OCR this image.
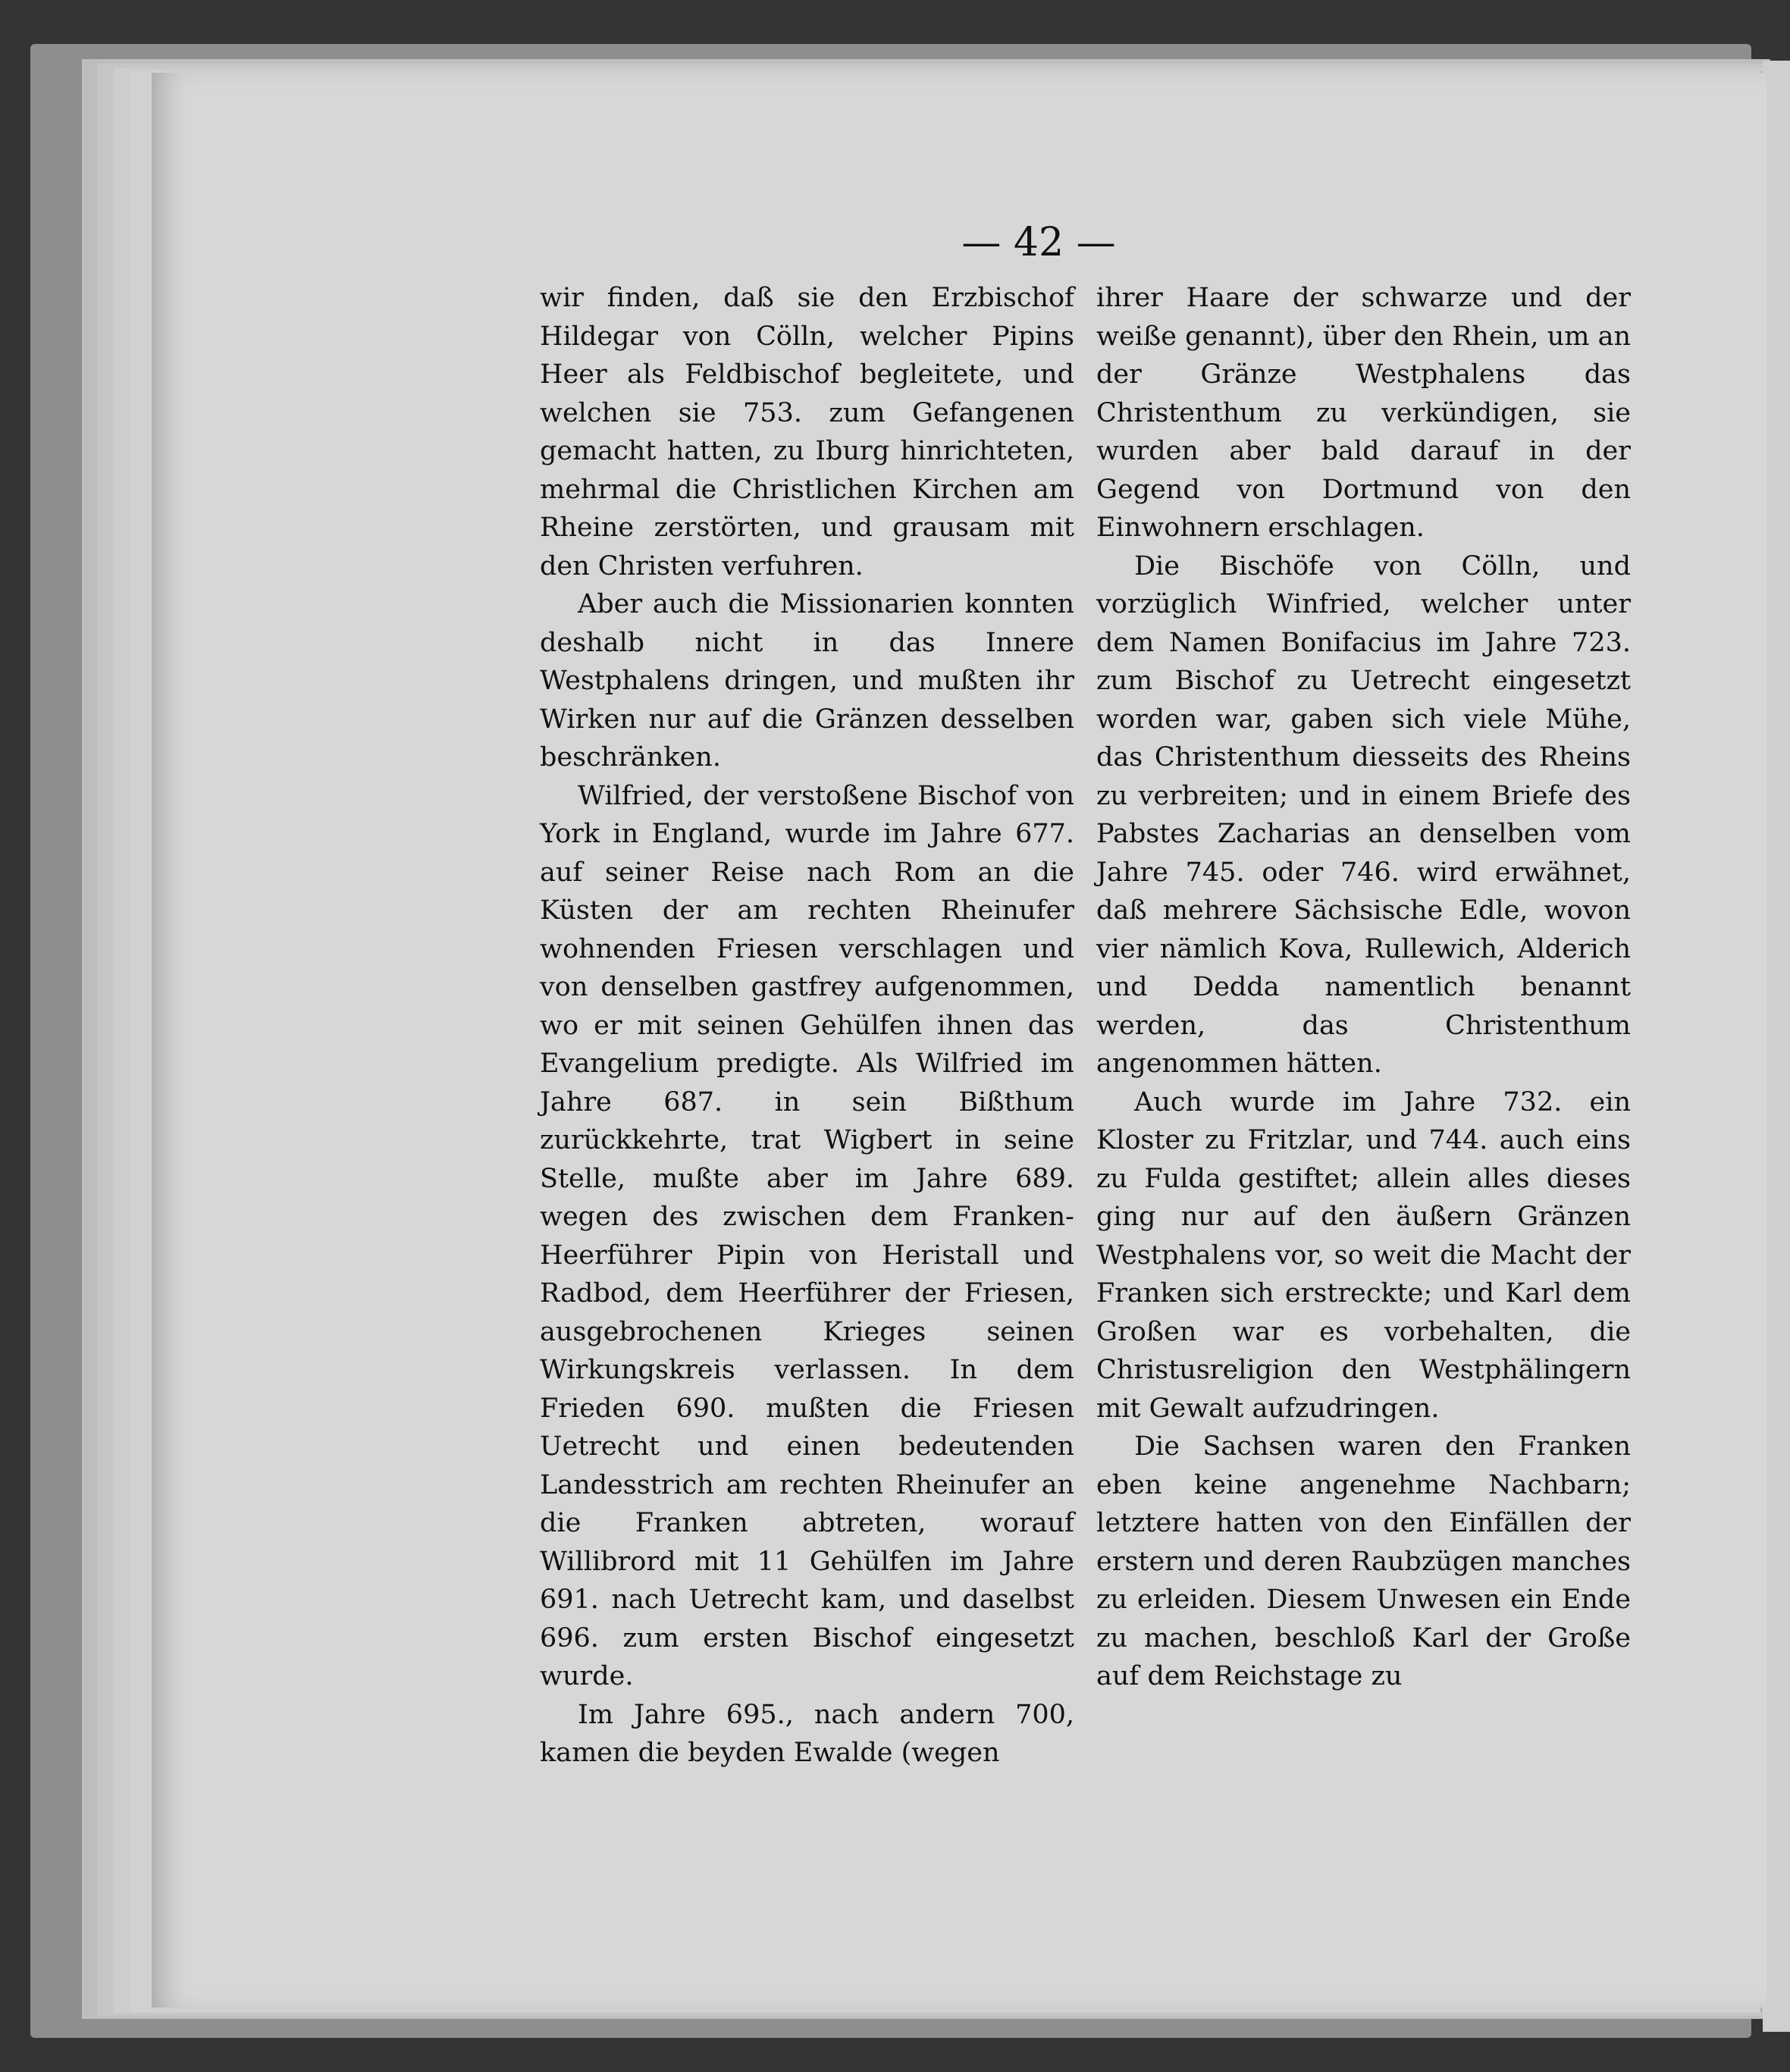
— 42 —

wir finden, daß sie den Erzbischof Hildegar von Cölln, welcher Pipins Heer als Feldbischof begleitete, und welchen sie 753. zum Gefangenen gemacht hatten, zu Iburg hinrichteten, mehrmal die Christlichen Kirchen am Rheine zerstörten, und grausam mit den Christen verfuhren.

Aber auch die Missionarien konnten deshalb nicht in das Innere Westphalens dringen, und mußten ihr Wirken nur auf die Gränzen desselben beschränken.

Wilfried, der verstoßene Bischof von York in England, wurde im Jahre 677. auf seiner Reise nach Rom an die Küsten der am rechten Rheinufer wohnenden Friesen verschlagen und von denselben gastfrey aufgenommen, wo er mit seinen Gehülfen ihnen das Evangelium predigte. Als Wilfried im Jahre 687. in sein Bißthum zurückkehrte, trat Wigbert in seine Stelle, mußte aber im Jahre 689. wegen des zwischen dem Franken-Heerführer Pipin von Heristall und Radbod, dem Heerführer der Friesen, ausgebrochenen Krieges seinen Wirkungskreis verlassen. In dem Frieden 690. mußten die Friesen Uetrecht und einen bedeutenden Landesstrich am rechten Rheinufer an die Franken abtreten, worauf Willibrord mit 11 Gehülfen im Jahre 691. nach Uetrecht kam, und daselbst 696. zum ersten Bischof eingesetzt wurde.

Im Jahre 695., nach andern 700, kamen die beyden Ewalde (wegen

ihrer Haare der schwarze und der weiße genannt), über den Rhein, um an der Gränze Westphalens das Christenthum zu verkündigen, sie wurden aber bald darauf in der Gegend von Dortmund von den Einwohnern erschlagen.

Die Bischöfe von Cölln, und vorzüglich Winfried, welcher unter dem Namen Bonifacius im Jahre 723. zum Bischof zu Uetrecht eingesetzt worden war, gaben sich viele Mühe, das Christenthum diesseits des Rheins zu verbreiten; und in einem Briefe des Pabstes Zacharias an denselben vom Jahre 745. oder 746. wird erwähnet, daß mehrere Sächsische Edle, wovon vier nämlich Kova, Rullewich, Alderich und Dedda namentlich benannt werden, das Christenthum angenommen hätten.

Auch wurde im Jahre 732. ein Kloster zu Fritzlar, und 744. auch eins zu Fulda gestiftet; allein alles dieses ging nur auf den äußern Gränzen Westphalens vor, so weit die Macht der Franken sich erstreckte; und Karl dem Großen war es vorbehalten, die Christusreligion den Westphälingern mit Gewalt aufzudringen.

Die Sachsen waren den Franken eben keine angenehme Nachbarn; letztere hatten von den Einfällen der erstern und deren Raubzügen manches zu erleiden. Diesem Unwesen ein Ende zu machen, beschloß Karl der Große auf dem Reichstage zu
